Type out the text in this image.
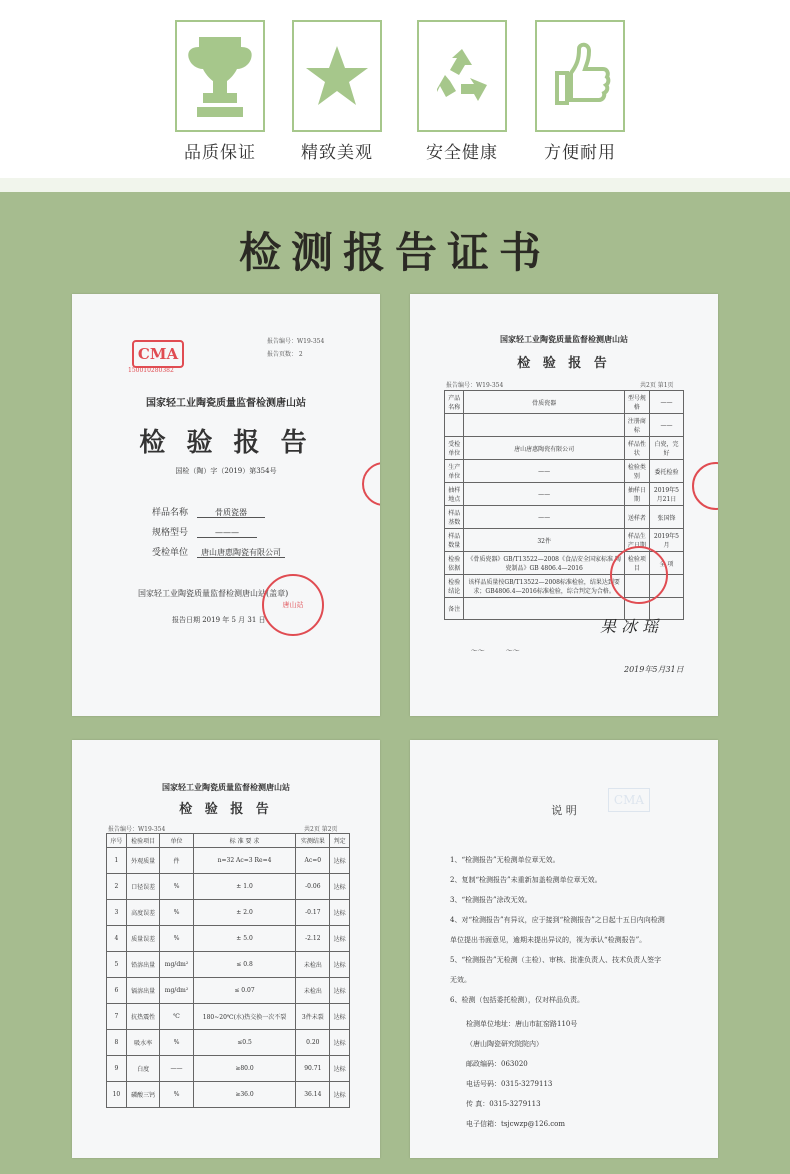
品质保证	精致美观	安全健康	方便耐用
检测报告证书
报告编号：W19-354
报告页数： 2
CMA
150010280382
国家轻工业陶瓷质量监督检测唐山站
检 验 报 告
国检（陶）字（2019）第354号
样品名称　	骨质瓷器
规格型号　	———
受检单位　 唐山唐惠陶瓷有限公司
国家轻工业陶瓷质量监督检测唐山站(盖章)
报告日期 2019 年 5 月 31 日
唐山站
国家轻工业陶瓷质量监督检测唐山站
检 验 报 告
报告编号：W19-354	共2页 第1页
产品名称	骨质瓷器	型号规格	——
		注册商标	——
受检单位	唐山唐惠陶瓷有限公司	样品性状	白瓷，完好
生产单位	——	检验类别	委托检验
抽样地点	——	抽样日期	2019年5月21日
样品基数	——	送样者	张国锋
样品数量	32件	样品生产日期	2019年5月
检验依据	《骨质瓷器》GB/T13522—2008《食品安全国家标准 陶瓷制品》GB 4806.4—2016	检验项目	全 项
检验结论	该样品质量按GB/T13522—2008标准检验，结果达到要求；GB4806.4—2016标准检验，综合判定为合格。		
备注			
果 冰 瑶
～～　　　～～
2019年5月31日
国家轻工业陶瓷质量监督检测唐山站
检 验 报 告
报告编号：W19-354	共2页 第2页
序号	检验项目	单位	标 准 要 求	实测结果	判定
1	外观质量	件	n=32 Ac=3 Re=4	Ac=0	达标
2	口径误差	%	± 1.0	-0.06	达标
3	高度误差	%	± 2.0	-0.17	达标
4	质量误差	%	± 5.0	-2.12	达标
5	铅溶出量	mg/dm²	≤ 0.8	未检出	达标
6	镉溶出量	mg/dm²	≤ 0.07	未检出	达标
7	抗热震性	℃	180~20℃(水)热交换一次不裂	3件未裂	达标
8	吸水率	%	≤0.5	0.20	达标
9	白度	——	≥80.0	90.71	达标
10	磷酸三钙	%	≥36.0	36.14	达标
说 明
CMA
1、“检测报告”无检测单位章无效。
2、复制“检测报告”未重新加盖检测单位章无效。
3、“检测报告”涂改无效。
4、对“检测报告”有异议，应于接到“检测报告”之日起十五日内向检测
单位提出书面意见，逾期未提出异议的，视为承认“检测报告”。
5、“检测报告”无检测（主检）、审核、批准负责人、技术负责人签字
无效。
6、检测（包括委托检测），仅对样品负责。
检测单位地址：唐山市缸窑路110号
（唐山陶瓷研究院院内）
邮政编码：063020
电话号码：0315-3279113
传 真：0315-3279113
电子信箱：tsjcwzp@126.com
